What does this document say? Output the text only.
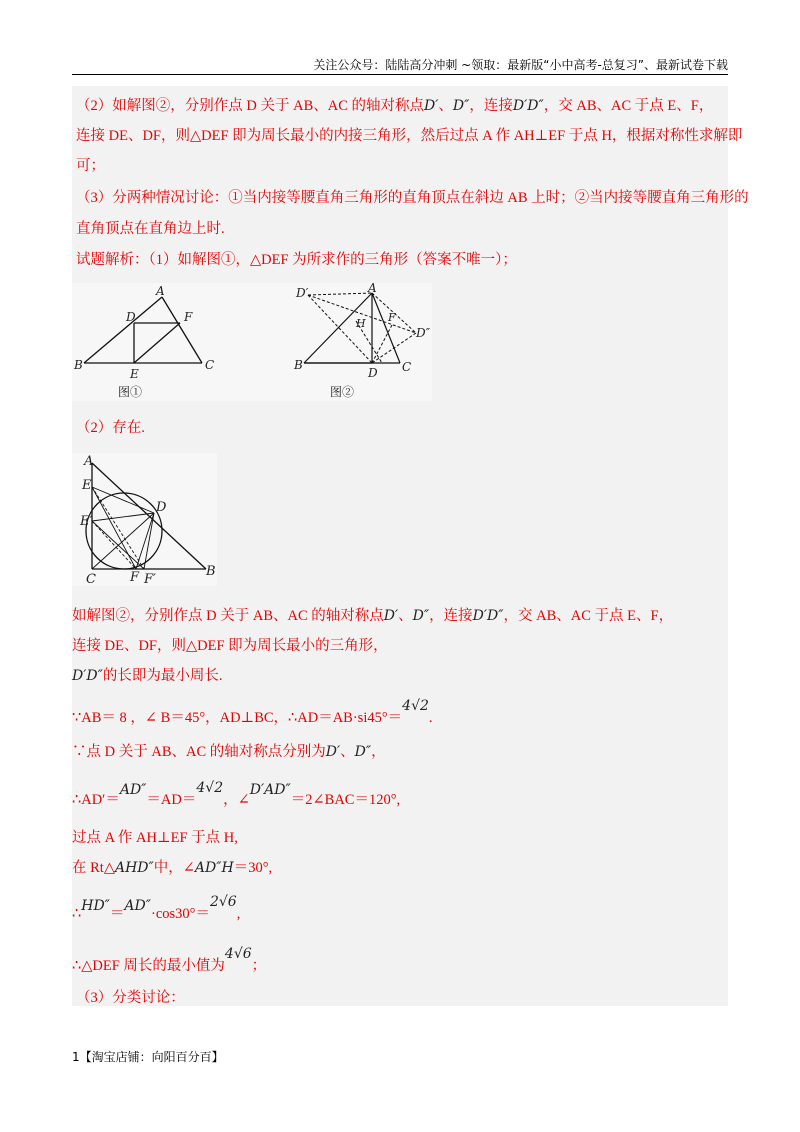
关注公众号：陆陆高分冲刺 ~领取：最新版“小中高考-总复习”、最新试卷下载
（2）如解图②，分别作点 D 关于 AB、AC 的轴对称点D′、D″，连接D′D″，交 AB、AC 于点 E、F，
连接 DE、DF，则△DEF 即为周长最小的内接三角形，然后过点 A 作 AH⊥EF 于点 H，根据对称性求解即
可；
（3）分两种情况讨论：①当内接等腰直角三角形的直角顶点在斜边 AB 上时；②当内接等腰直角三角形的
直角顶点在直角边上时.
试题解析：（1）如解图①，△DEF 为所求作的三角形（答案不唯一）；
A
D	F
B
E
C
图①
D′	A
H F
D″
B
D C
图②
（2）存在.
A
E
E′
D
C	F F′
B
如解图②，分别作点 D 关于 AB、AC 的轴对称点D′、D″，连接D′D″，交 AB、AC 于点 E、F，
连接 DE、DF，则△DEF 即为周长最小的三角形，
D′D″的长即为最小周长.
∵AB＝ 8 ，∠ B＝45°，AD⊥BC，∴AD＝AB·si45°＝4√2.
∵点 D 关于 AB、AC 的轴对称点分别为D′、D″，
∴AD′＝AD″＝AD＝4√2，∠D′AD″＝2∠BAC＝120°,
过点 A 作 AH⊥EF 于点 H,
在 Rt△AHD″中，∠AD″H＝30°,
∴HD″＝AD″·cos30°＝2√6,
∴△DEF 周长的最小值为4√6；
（3）分类讨论：
1【淘宝店铺：向阳百分百】
